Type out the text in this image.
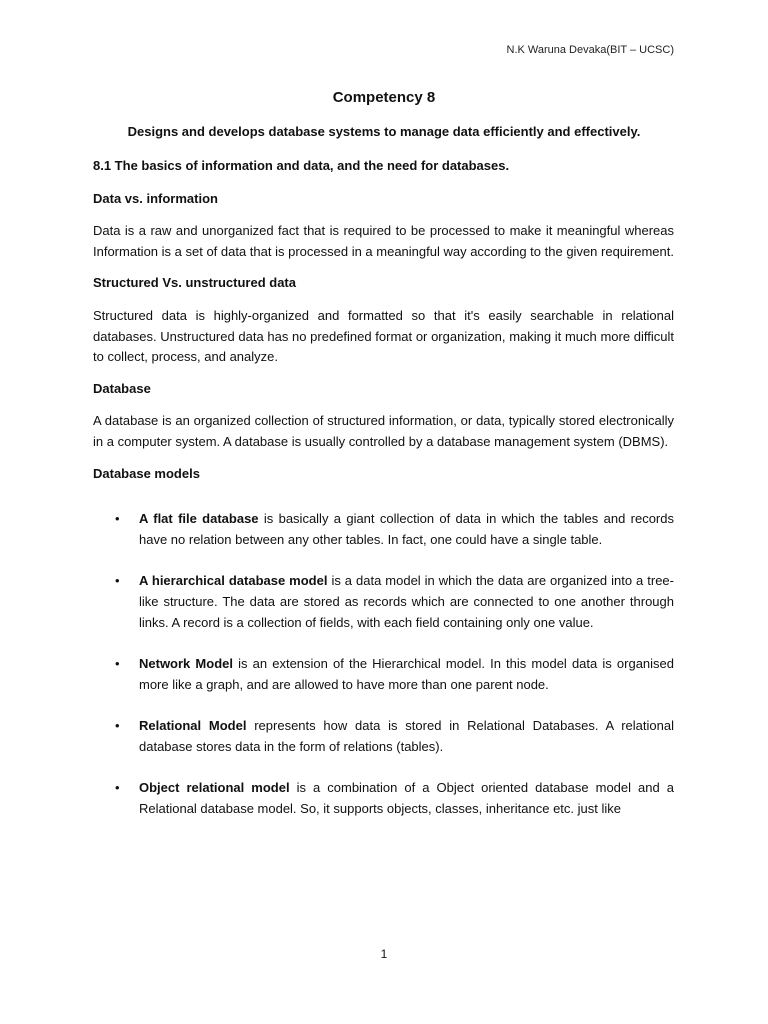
N.K Waruna Devaka(BIT – UCSC)
Competency 8
Designs and develops database systems to manage data efficiently and effectively.
8.1 The basics of information and data, and the need for databases.
Data vs. information

Data is a raw and unorganized fact that is required to be processed to make it meaningful whereas Information is a set of data that is processed in a meaningful way according to the given requirement.

Structured Vs. unstructured data

Structured data is highly-organized and formatted so that it's easily searchable in relational databases. Unstructured data has no predefined format or organization, making it much more difficult to collect, process, and analyze.

Database

A database is an organized collection of structured information, or data, typically stored electronically in a computer system. A database is usually controlled by a database management system (DBMS).

Database models
• A flat file database is basically a giant collection of data in which the tables and records have no relation between any other tables. In fact, one could have a single table.
• A hierarchical database model is a data model in which the data are organized into a tree-like structure. The data are stored as records which are connected to one another through links. A record is a collection of fields, with each field containing only one value.
• Network Model is an extension of the Hierarchical model. In this model data is organised more like a graph, and are allowed to have more than one parent node.
• Relational Model represents how data is stored in Relational Databases. A relational database stores data in the form of relations (tables).
• Object relational model is a combination of a Object oriented database model and a Relational database model. So, it supports objects, classes, inheritance etc. just like
1
